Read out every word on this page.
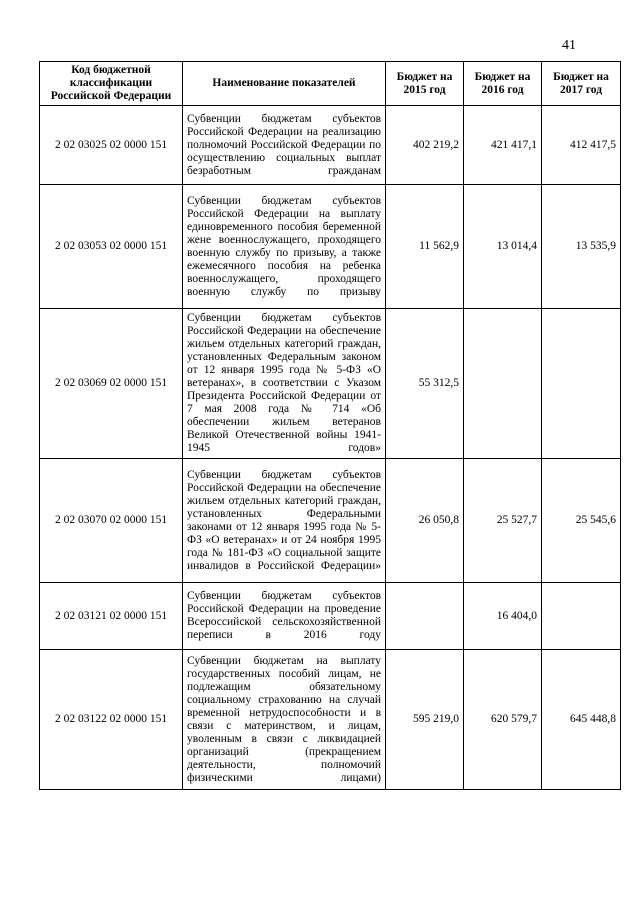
41
Код бюджетной классификации Российской Федерации	Наименование показателей	Бюджет на 2015 год	Бюджет на 2016 год	Бюджет на 2017 год
2 02 03025 02 0000 151	Субвенции бюджетам субъектов Российской Федерации на реализацию полномочий Российской Федерации по осуществлению социальных выплат безработным гражданам	402 219,2	421 417,1	412 417,5
2 02 03053 02 0000 151	Субвенции бюджетам субъектов Российской Федерации на выплату единовременного пособия беременной жене военнослужащего, проходящего военную службу по призыву, а также ежемесячного пособия на ребенка военнослужащего, проходящего военную службу по призыву	11 562,9	13 014,4	13 535,9
2 02 03069 02 0000 151	Субвенции бюджетам субъектов Российской Федерации на обеспечение жильем отдельных категорий граждан, установленных Федеральным законом от 12 января 1995 года № 5-ФЗ «О ветеранах», в соответствии с Указом Президента Российской Федерации от 7 мая 2008 года № 714 «Об обеспечении жильем ветеранов Великой Отечественной войны 1941-1945 годов»	55 312,5		
2 02 03070 02 0000 151	Субвенции бюджетам субъектов Российской Федерации на обеспечение жильем отдельных категорий граждан, установленных Федеральными законами от 12 января 1995 года № 5-ФЗ «О ветеранах» и от 24 ноября 1995 года № 181-ФЗ «О социальной защите инвалидов в Российской Федерации»	26 050,8	25 527,7	25 545,6
2 02 03121 02 0000 151	Субвенции бюджетам субъектов Российской Федерации на проведение Всероссийской сельскохозяйственной переписи в 2016 году		16 404,0	
2 02 03122 02 0000 151	Субвенции бюджетам на выплату государственных пособий лицам, не подлежащим обязательному социальному страхованию на случай временной нетрудоспособности и в связи с материнством, и лицам, уволенным в связи с ликвидацией организаций (прекращением деятельности, полномочий физическими лицами)	595 219,0	620 579,7	645 448,8
